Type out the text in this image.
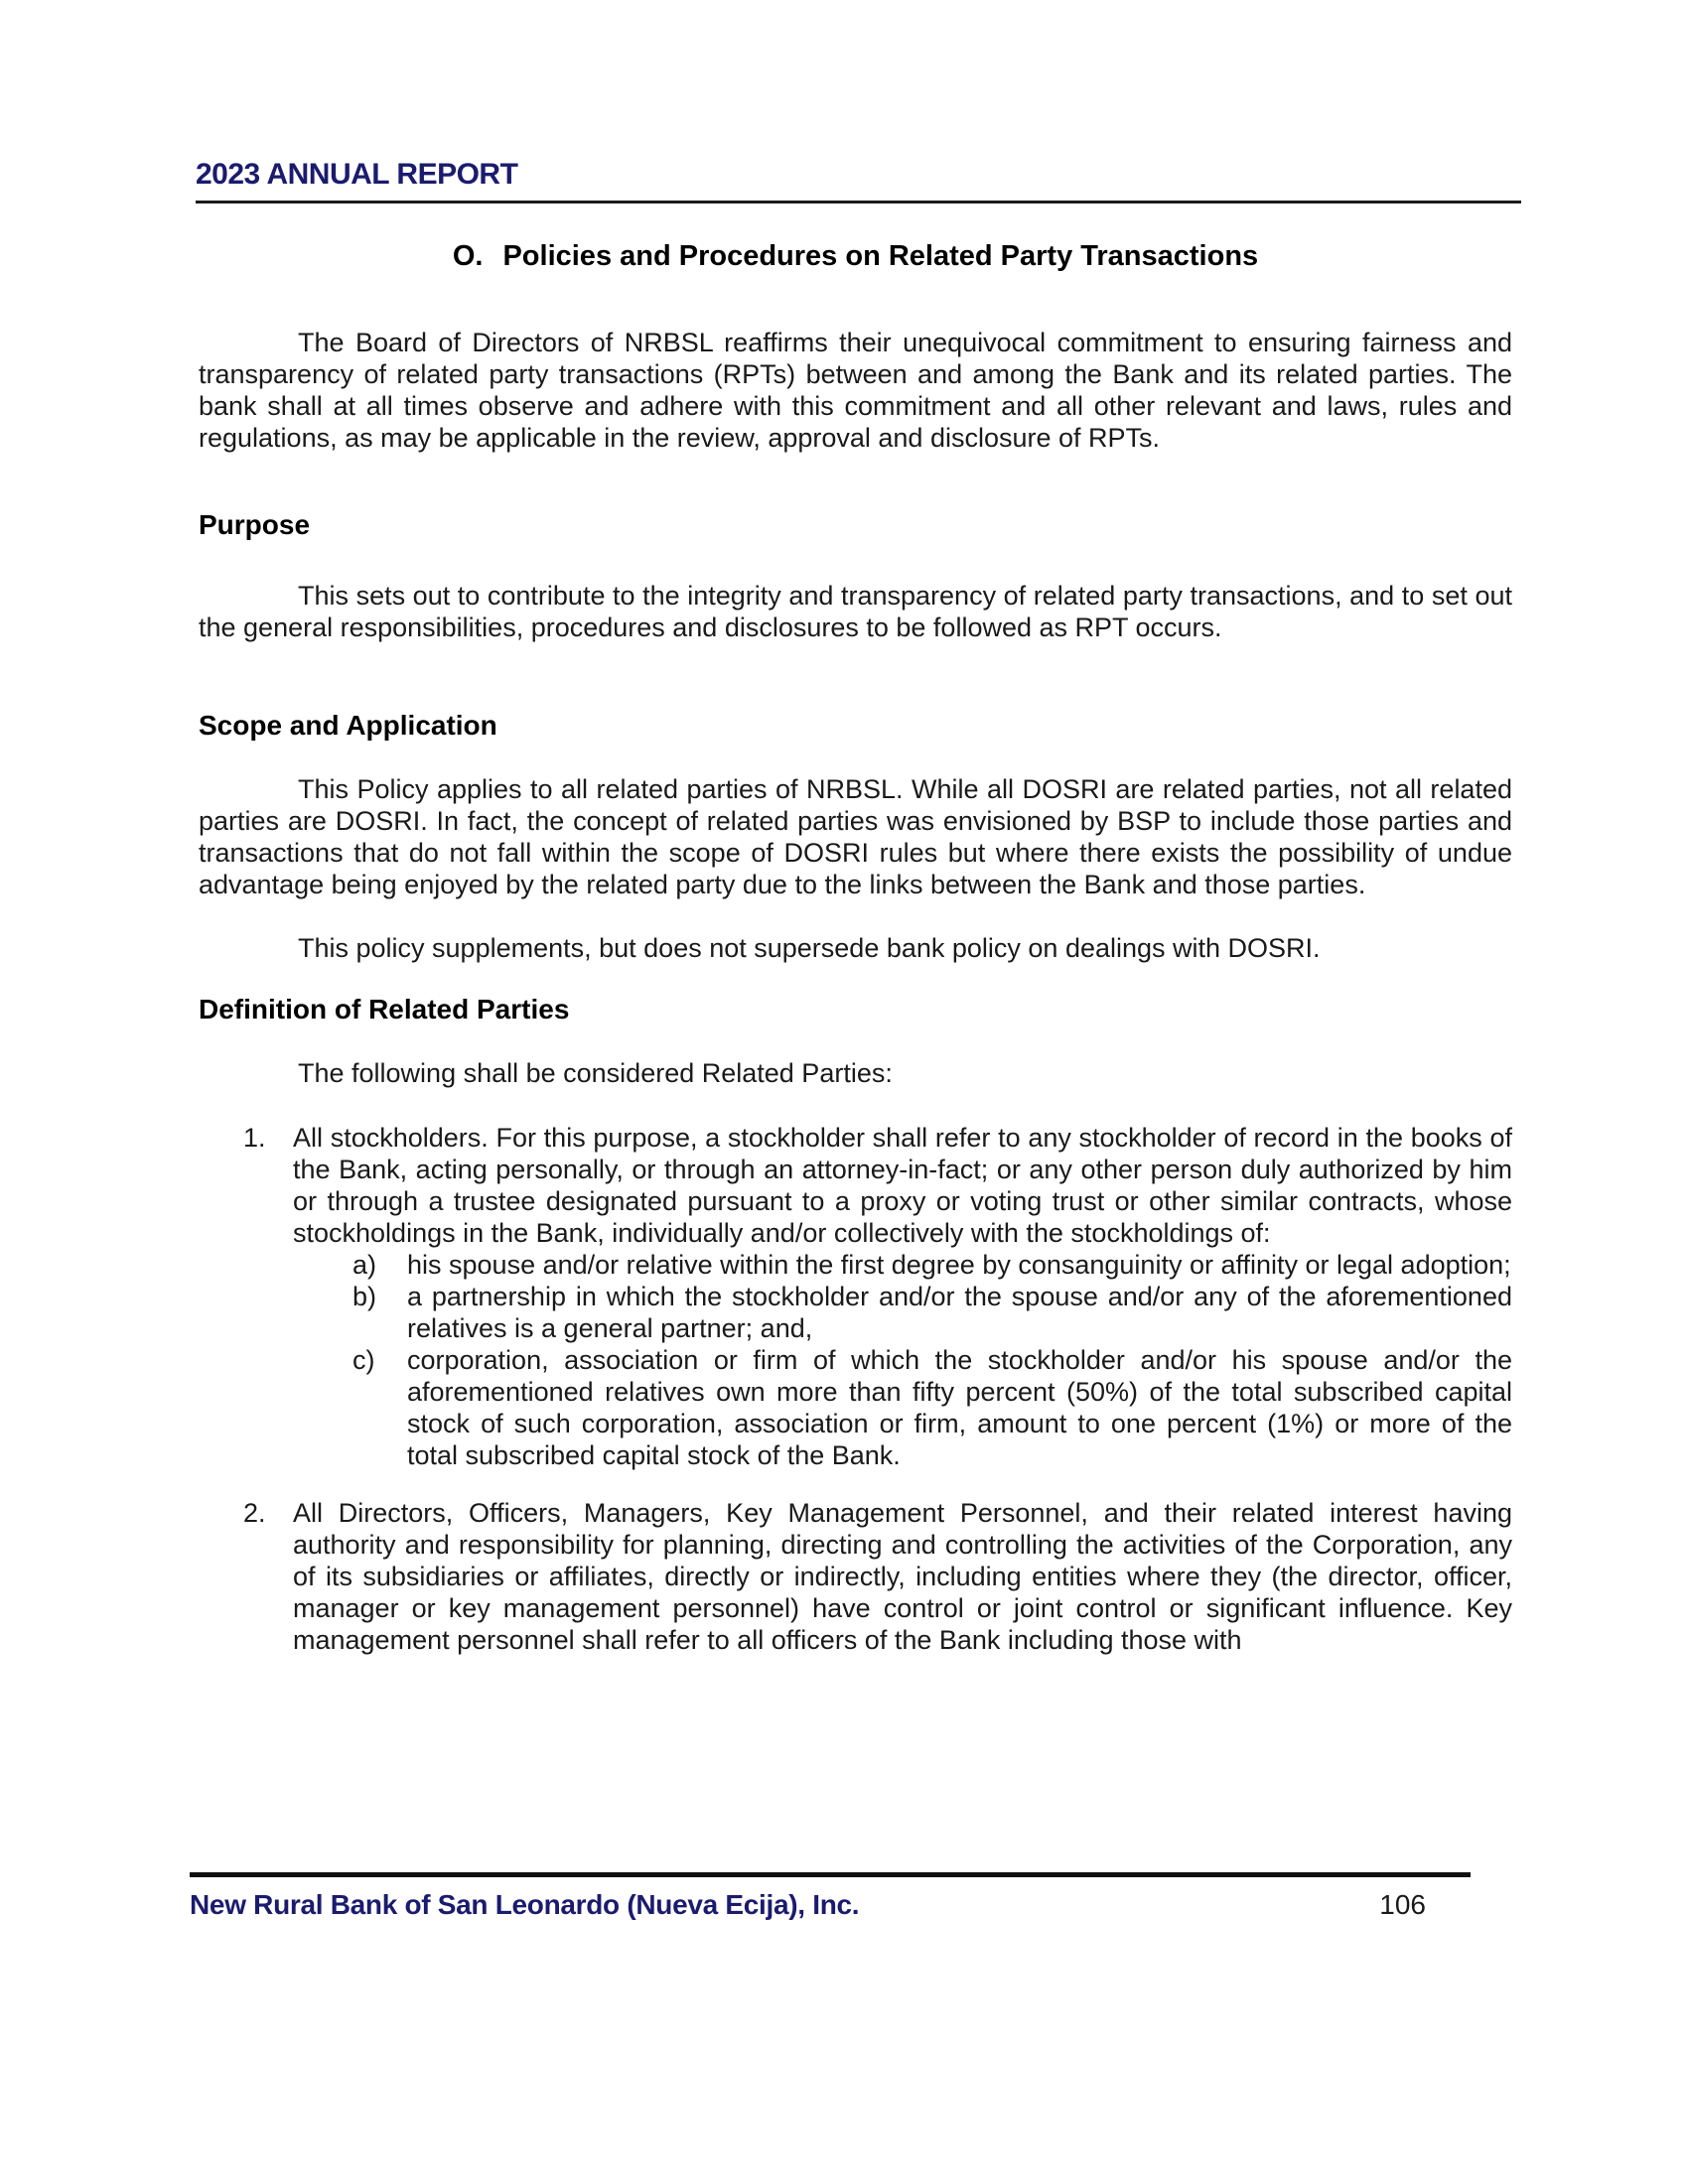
2023 ANNUAL REPORT
O. Policies and Procedures on Related Party Transactions

The Board of Directors of NRBSL reaffirms their unequivocal commitment to ensuring fairness and transparency of related party transactions (RPTs) between and among the Bank and its related parties. The bank shall at all times observe and adhere with this commitment and all other relevant and laws, rules and regulations, as may be applicable in the review, approval and disclosure of RPTs.

Purpose

This sets out to contribute to the integrity and transparency of related party transactions, and to set out the general responsibilities, procedures and disclosures to be followed as RPT occurs.

Scope and Application

This Policy applies to all related parties of NRBSL. While all DOSRI are related parties, not all related parties are DOSRI. In fact, the concept of related parties was envisioned by BSP to include those parties and transactions that do not fall within the scope of DOSRI rules but where there exists the possibility of undue advantage being enjoyed by the related party due to the links between the Bank and those parties.

This policy supplements, but does not supersede bank policy on dealings with DOSRI.

Definition of Related Parties

The following shall be considered Related Parties:

1.	All stockholders. For this purpose, a stockholder shall refer to any stockholder of record in the books of the Bank, acting personally, or through an attorney-in-fact; or any other person duly authorized by him or through a trustee designated pursuant to a proxy or voting trust or other similar contracts, whose stockholdings in the Bank, individually and/or collectively with the stockholdings of:
a)	his spouse and/or relative within the first degree by consanguinity or affinity or legal adoption;
b)	a partnership in which the stockholder and/or the spouse and/or any of the aforementioned relatives is a general partner; and,
c)	corporation, association or firm of which the stockholder and/or his spouse and/or the aforementioned relatives own more than fifty percent (50%) of the total subscribed capital stock of such corporation, association or firm, amount to one percent (1%) or more of the total subscribed capital stock of the Bank.
2.	All Directors, Officers, Managers, Key Management Personnel, and their related interest having authority and responsibility for planning, directing and controlling the activities of the Corporation, any of its subsidiaries or affiliates, directly or indirectly, including entities where they (the director, officer, manager or key management personnel) have control or joint control or significant influence. Key management personnel shall refer to all officers of the Bank including those with
New Rural Bank of San Leonardo (Nueva Ecija), Inc.	106
